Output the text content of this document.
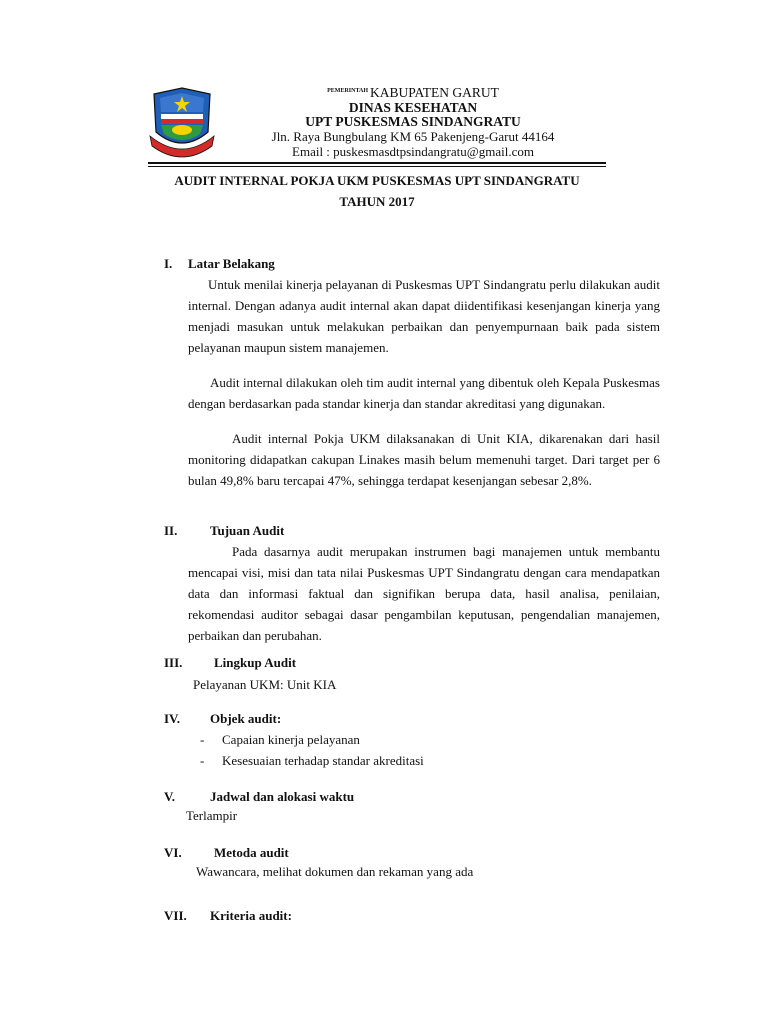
$^{PEMERINTAH}$ KABUPATEN GARUT
DINAS KESEHATAN
UPT PUSKESMAS SINDANGRATU
Jln. Raya Bungbulang KM 65 Pakenjeng-Garut 44164
Email : puskesmasdtpsindangratu@gmail.com
AUDIT INTERNAL POKJA UKM PUSKESMAS UPT SINDANGRATU
TAHUN 2017
I. Latar Belakang
Untuk menilai kinerja pelayanan di Puskesmas UPT Sindangratu perlu dilakukan audit internal. Dengan adanya audit internal akan dapat diidentifikasi kesenjangan kinerja yang menjadi masukan untuk melakukan perbaikan dan penyempurnaan baik pada sistem pelayanan maupun sistem manajemen.
Audit internal dilakukan oleh tim audit internal yang dibentuk oleh Kepala Puskesmas dengan berdasarkan pada standar kinerja dan standar akreditasi yang digunakan.
Audit internal Pokja UKM dilaksanakan di Unit KIA, dikarenakan dari hasil monitoring didapatkan cakupan Linakes masih belum memenuhi target. Dari target per 6 bulan 49,8% baru tercapai 47%, sehingga terdapat kesenjangan sebesar 2,8%.
II.	Tujuan Audit
Pada dasarnya audit merupakan instrumen bagi manajemen untuk membantu mencapai visi, misi dan tata nilai Puskesmas UPT Sindangratu dengan cara mendapatkan data dan informasi faktual dan signifikan berupa data, hasil analisa, penilaian, rekomendasi auditor sebagai dasar pengambilan keputusan, pengendalian manajemen, perbaikan dan perubahan.
III. Lingkup Audit
Pelayanan UKM: Unit KIA
IV. Objek audit:
- Capaian kinerja pelayanan
- Kesesuaian terhadap standar akreditasi
V.	Jadwal dan alokasi waktu
Terlampir
VI. Metoda audit
Wawancara, melihat dokumen dan rekaman yang ada
VII. Kriteria audit:
